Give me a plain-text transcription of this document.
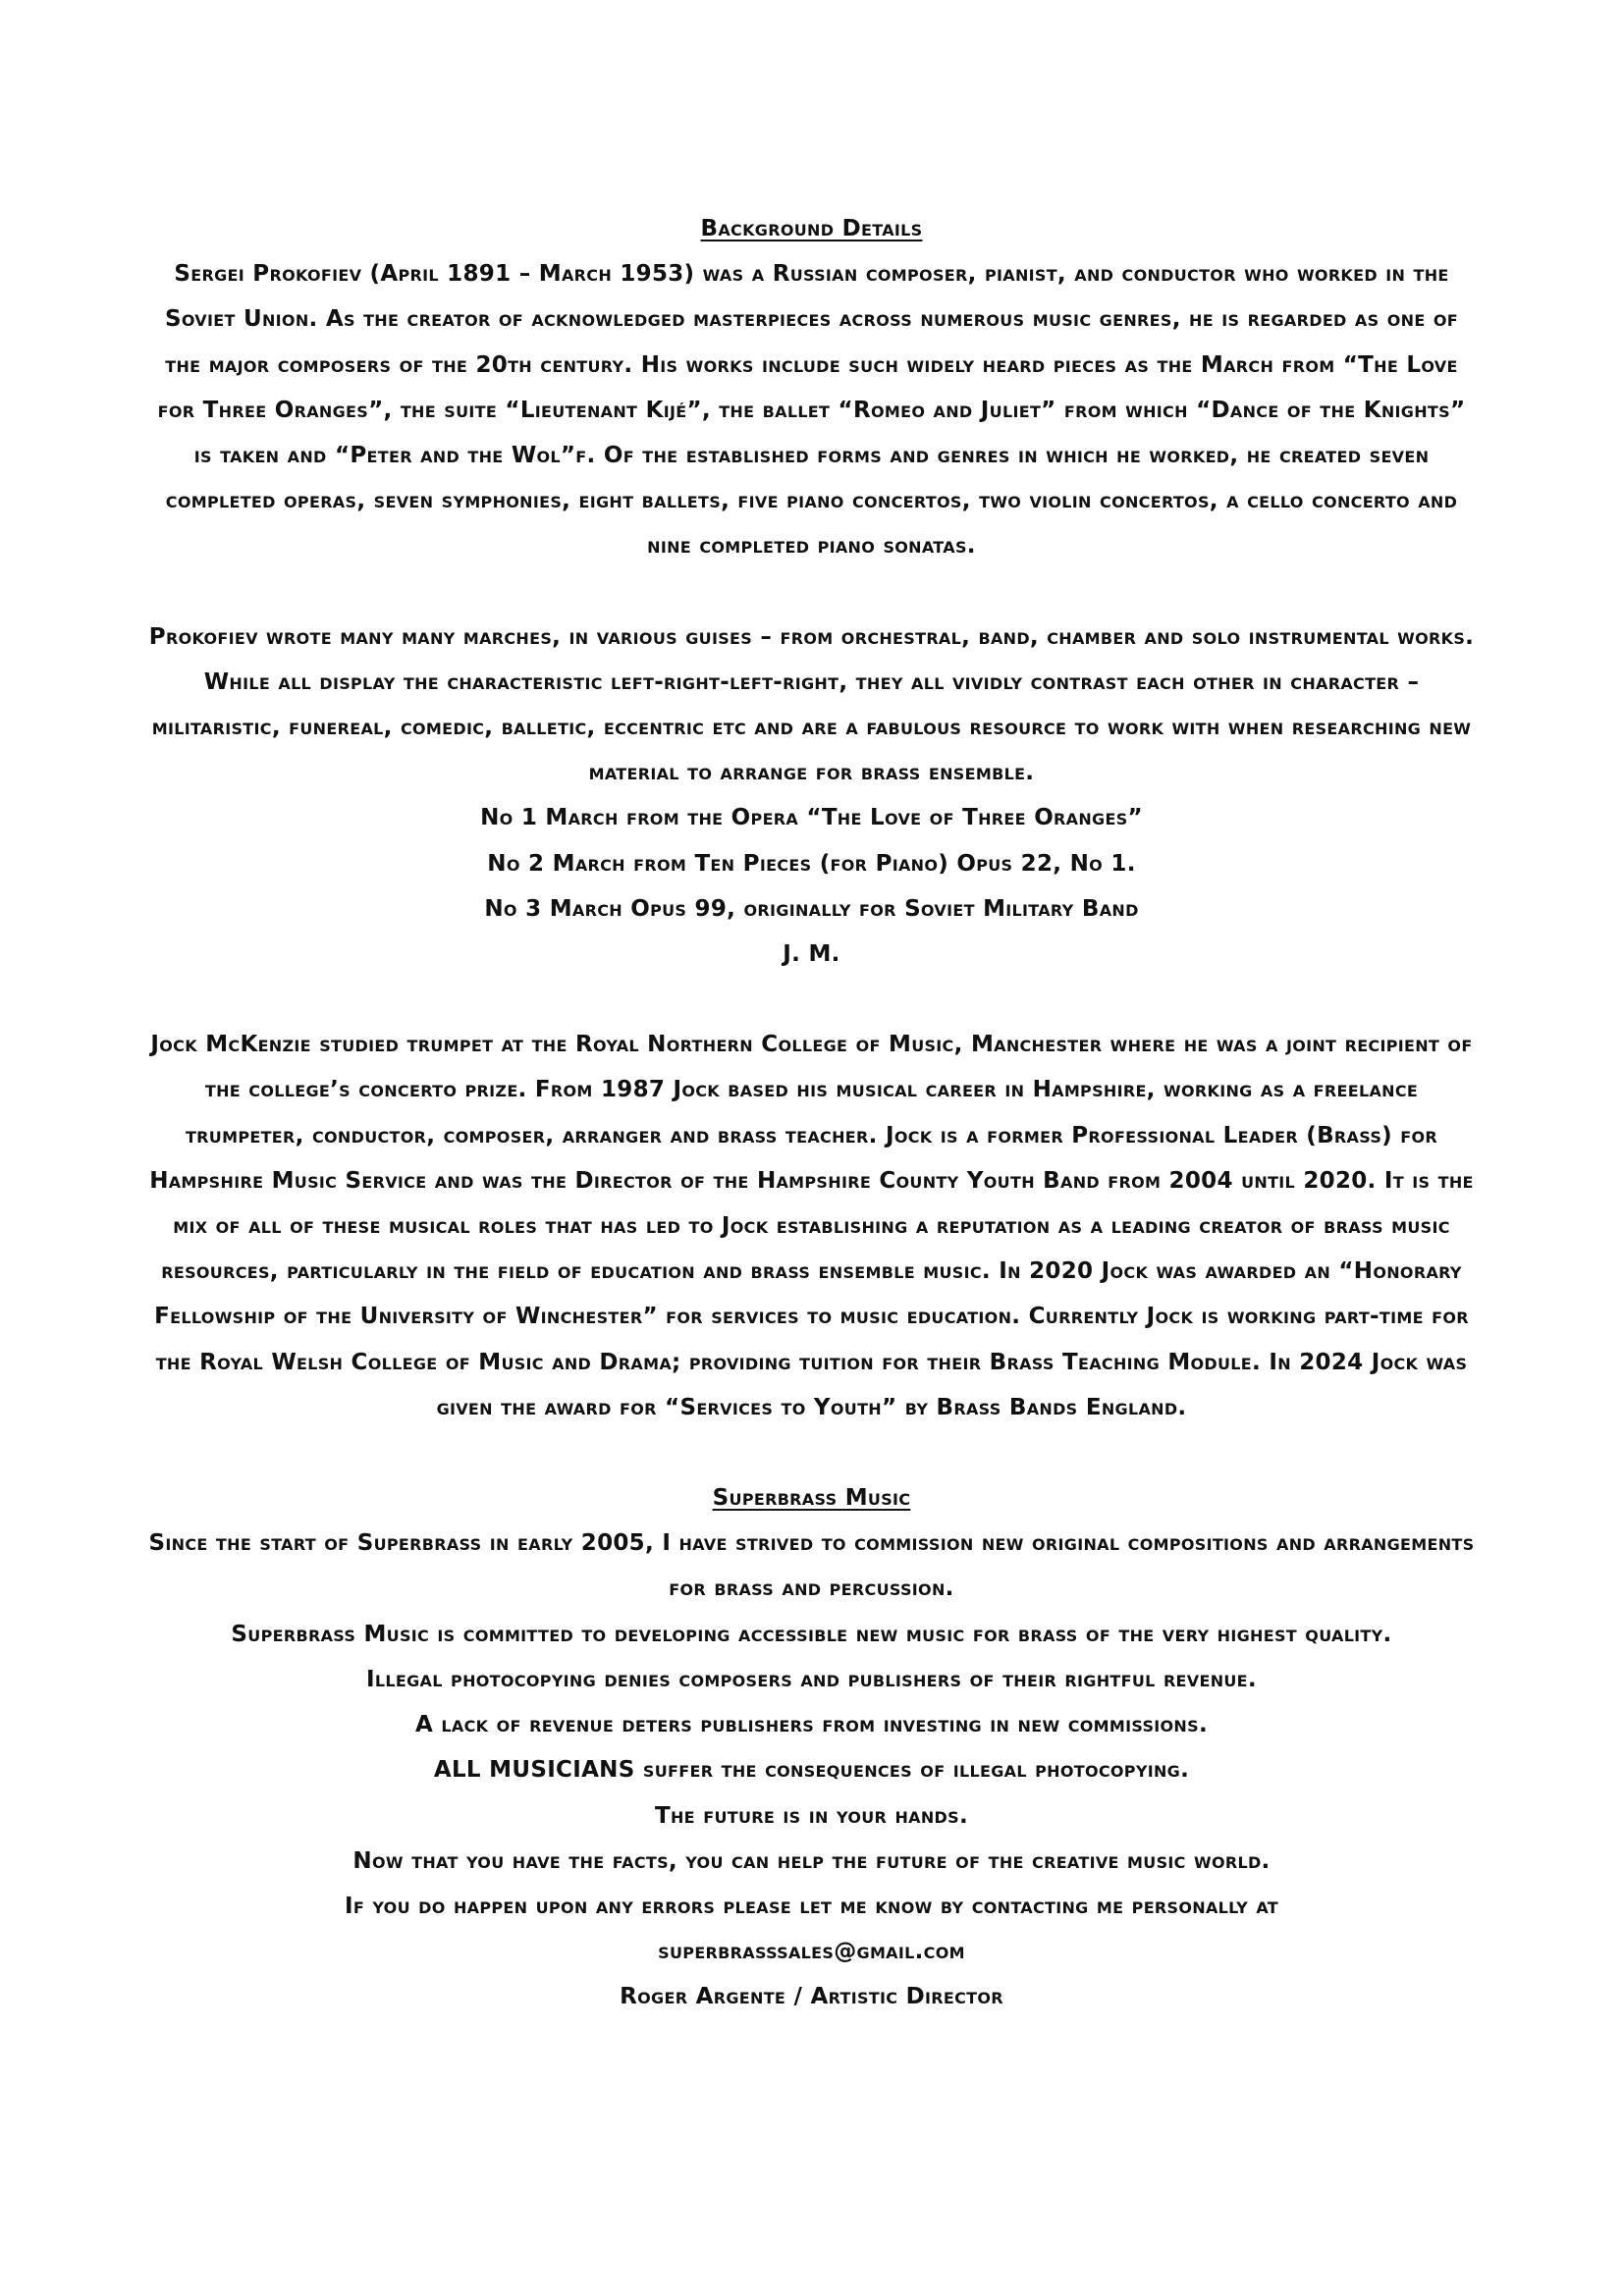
Background Details

Sergei Prokofiev (April 1891 – March 1953) was a Russian composer, pianist, and conductor who worked in the Soviet Union. As the creator of acknowledged masterpieces across numerous music genres, he is regarded as one of the major composers of the 20th century. His works include such widely heard pieces as the March from “The Love for Three Oranges”, the suite “Lieutenant Kijé”, the ballet “Romeo and Juliet” from which “Dance of the Knights” is taken and “Peter and the Wol”f. Of the established forms and genres in which he worked, he created seven completed operas, seven symphonies, eight ballets, five piano concertos, two violin concertos, a cello concerto and nine completed piano sonatas.

Prokofiev wrote many many marches, in various guises – from orchestral, band, chamber and solo instrumental works. While all display the characteristic left-right-left-right, they all vividly contrast each other in character – militaristic, funereal, comedic, balletic, eccentric etc and are a fabulous resource to work with when researching new material to arrange for brass ensemble.

No 1 March from the Opera “The Love of Three Oranges”
No 2 March from Ten Pieces (for Piano) Opus 22, No 1.
No 3 March Opus 99, originally for Soviet Military Band
J. M.

Jock McKenzie studied trumpet at the Royal Northern College of Music, Manchester where he was a joint recipient of the college’s concerto prize. From 1987 Jock based his musical career in Hampshire, working as a freelance trumpeter, conductor, composer, arranger and brass teacher. Jock is a former Professional Leader (Brass) for Hampshire Music Service and was the Director of the Hampshire County Youth Band from 2004 until 2020. It is the mix of all of these musical roles that has led to Jock establishing a reputation as a leading creator of brass music resources, particularly in the field of education and brass ensemble music. In 2020 Jock was awarded an “Honorary Fellowship of the University of Winchester” for services to music education. Currently Jock is working part-time for the Royal Welsh College of Music and Drama; providing tuition for their Brass Teaching Module. In 2024 Jock was given the award for “Services to Youth” by Brass Bands England.

Superbrass Music
Since the start of Superbrass in early 2005, I have strived to commission new original compositions and arrangements for brass and percussion.
Superbrass Music is committed to developing accessible new music for brass of the very highest quality.
Illegal photocopying denies composers and publishers of their rightful revenue.
A lack of revenue deters publishers from investing in new commissions.
ALL MUSICIANS suffer the consequences of illegal photocopying.
The future is in your hands.
Now that you have the facts, you can help the future of the creative music world.
If you do happen upon any errors please let me know by contacting me personally at
superbrasssales@gmail.com
Roger Argente / Artistic Director
